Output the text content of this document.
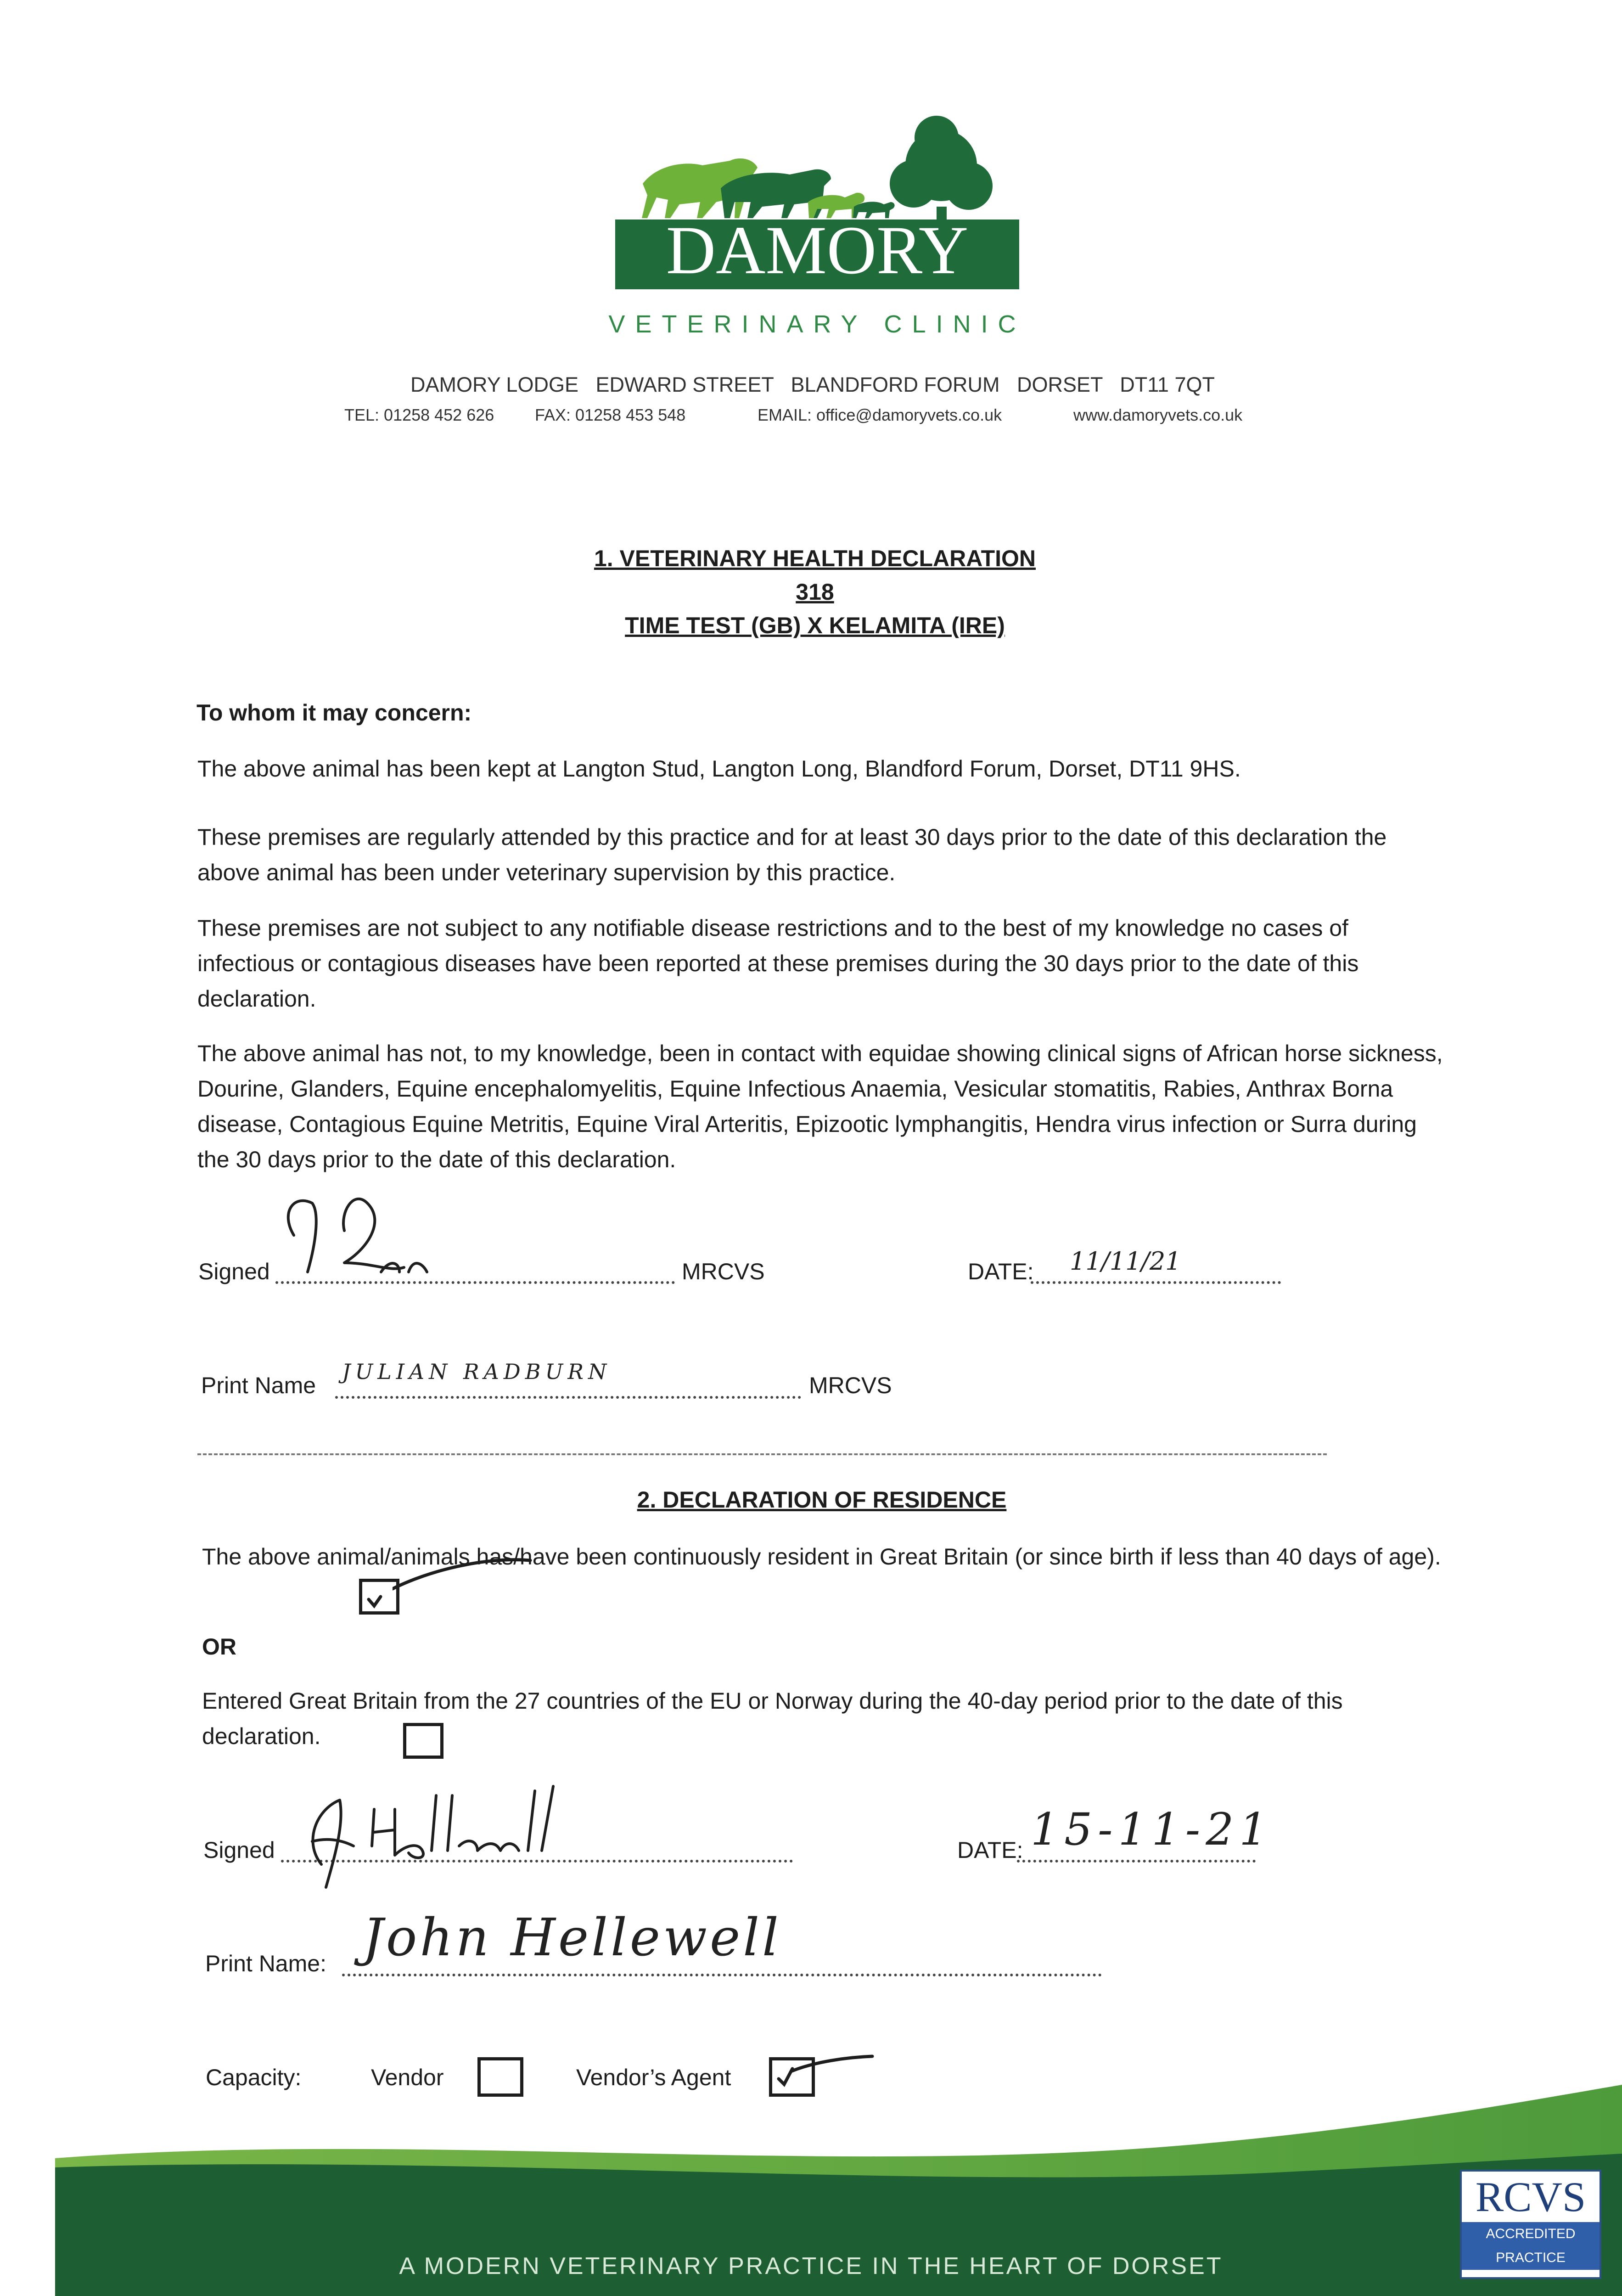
DAMORY
VETERINARY CLINIC
DAMORY LODGE   EDWARD STREET   BLANDFORD FORUM   DORSET   DT11 7QT
TEL: 01258 452 626 FAX: 01258 453 548	EMAIL: office@damoryvets.co.uk	www.damoryvets.co.uk
1. VETERINARY HEALTH DECLARATION
318
TIME TEST (GB) X KELAMITA (IRE)
To whom it may concern:
The above animal has been kept at Langton Stud, Langton Long, Blandford Forum, Dorset, DT11 9HS.
These premises are regularly attended by this practice and for at least 30 days prior to the date of this declaration the above animal has been under veterinary supervision by this practice.
These premises are not subject to any notifiable disease restrictions and to the best of my knowledge no cases of infectious or contagious diseases have been reported at these premises during the 30 days prior to the date of this declaration.
The above animal has not, to my knowledge, been in contact with equidae showing clinical signs of African horse sickness, Dourine, Glanders, Equine encephalomyelitis, Equine Infectious Anaemia, Vesicular stomatitis, Rabies, Anthrax Borna disease, Contagious Equine Metritis, Equine Viral Arteritis, Epizootic lymphangitis, Hendra virus infection or Surra during the 30 days prior to the date of this declaration.
Signed	MRCVS	DATE: 11/11/21
Print Name
JULIAN RADBURN
MRCVS
2. DECLARATION OF RESIDENCE
The above animal/animals has/have been continuously resident in Great Britain (or since birth if less than 40 days of age).
OR
Entered Great Britain from the 27 countries of the EU or Norway during the 40-day period prior to the date of this declaration.
Signed	DATE: 15-11-21
Print Name: John Hellewell
Capacity:	Vendor	Vendor’s Agent
A MODERN VETERINARY PRACTICE IN THE HEART OF DORSET
RCVS
ACCREDITED
PRACTICE
